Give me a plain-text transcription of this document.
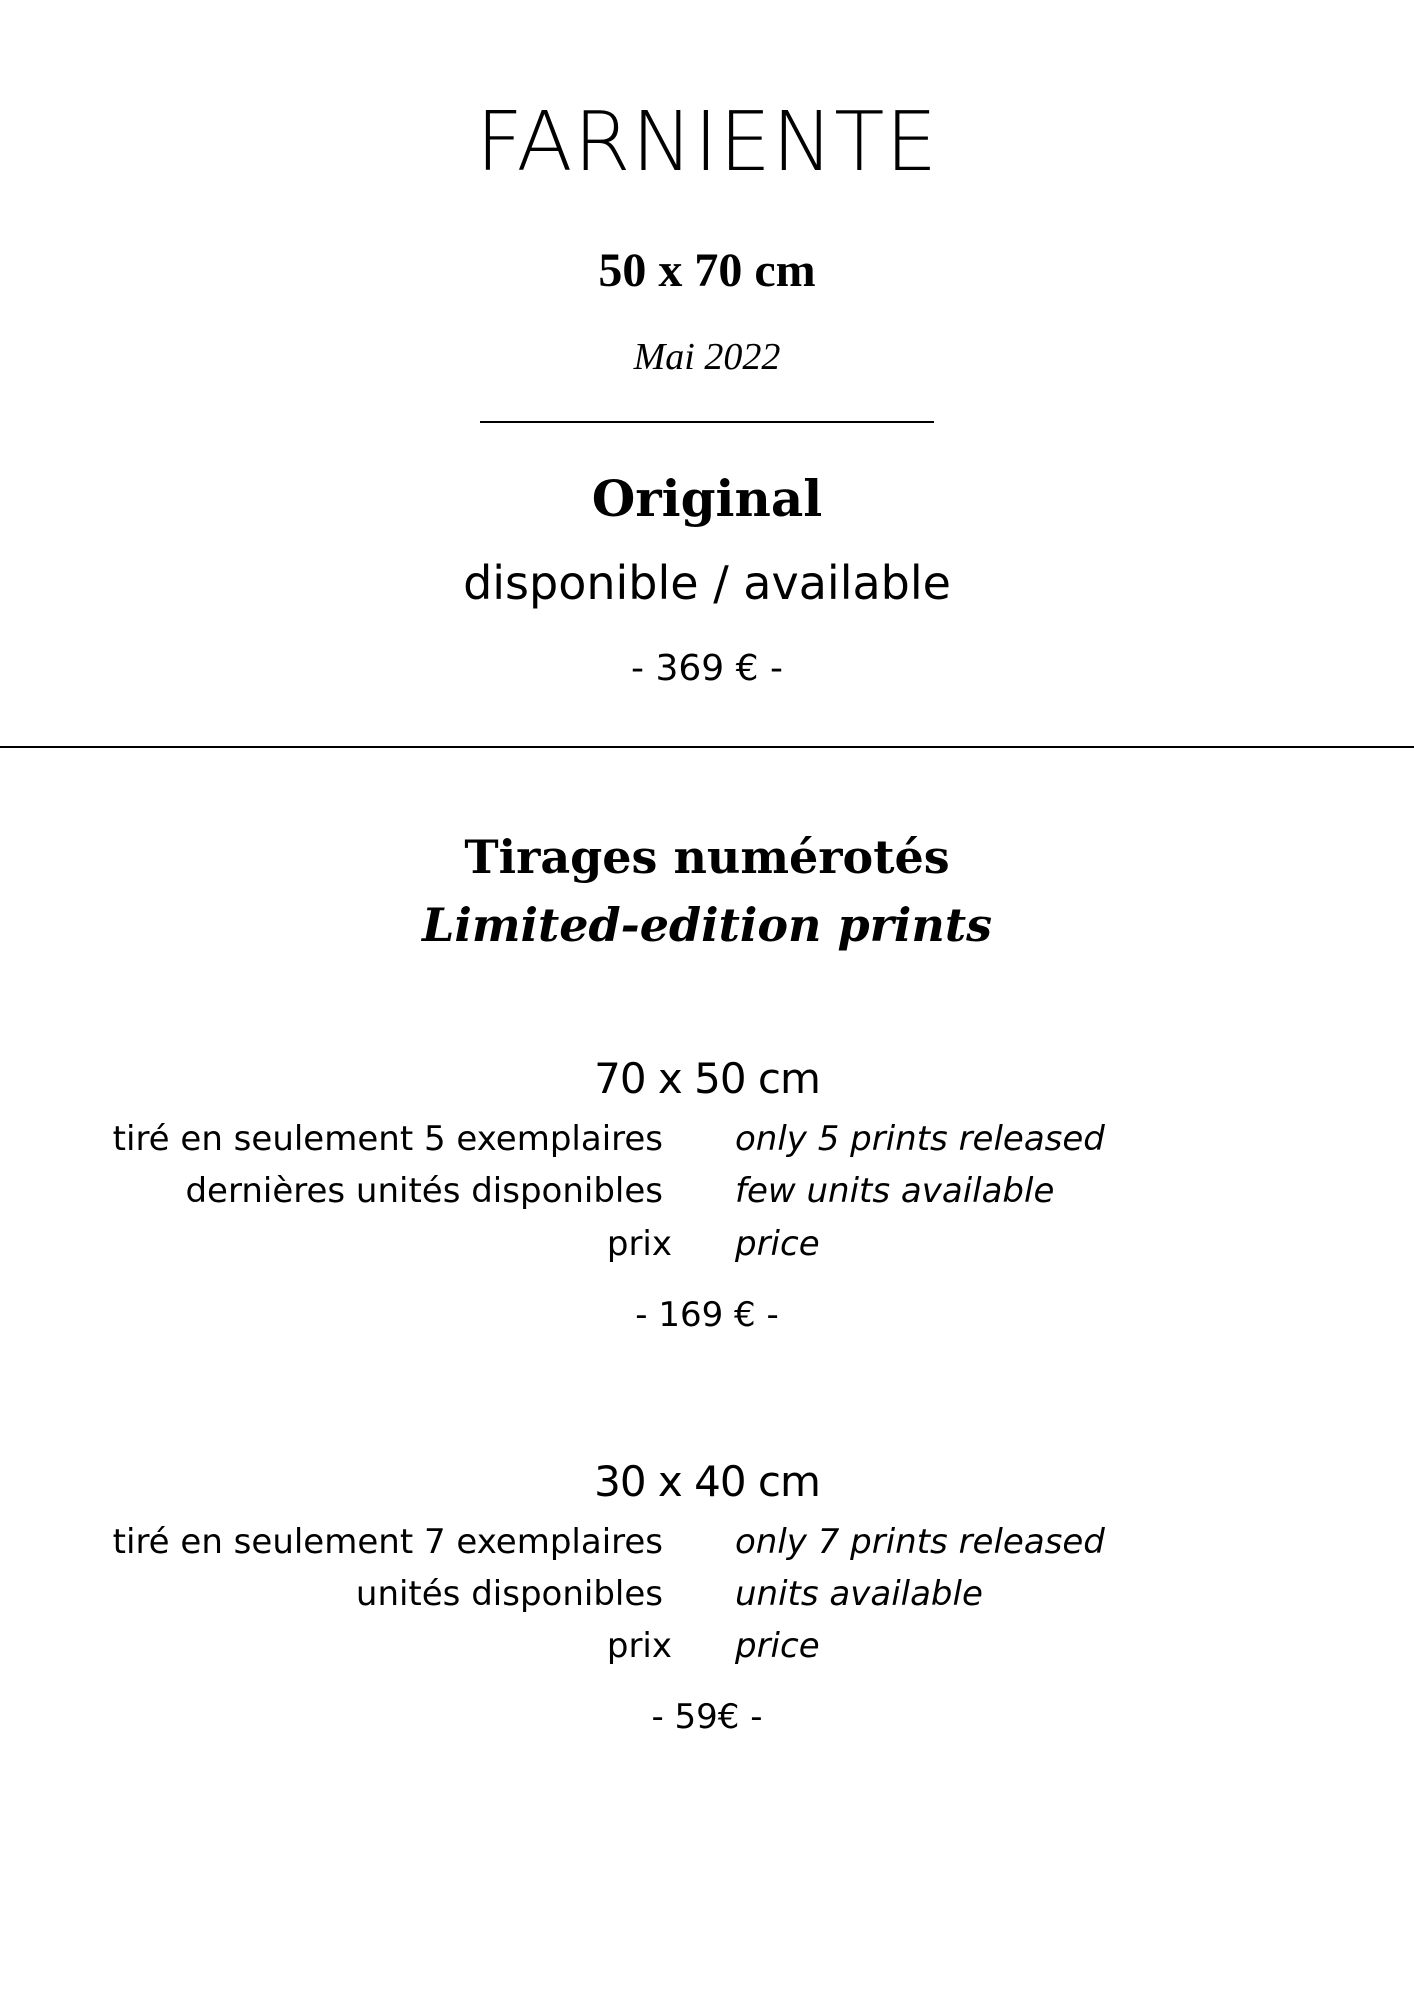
FARNIENTE
50 x 70 cm
Mai 2022
Original
disponible / available
- 369 € -
Tirages numérotés
Limited-edition prints
70 x 50 cm
tiré en seulement 5 exemplaires only 5 prints released
dernières unités disponibles few units available
prix price
- 169 € -
30 x 40 cm
tiré en seulement 7 exemplaires only 7 prints released
unités disponibles units available
prix price
- 59€ -
